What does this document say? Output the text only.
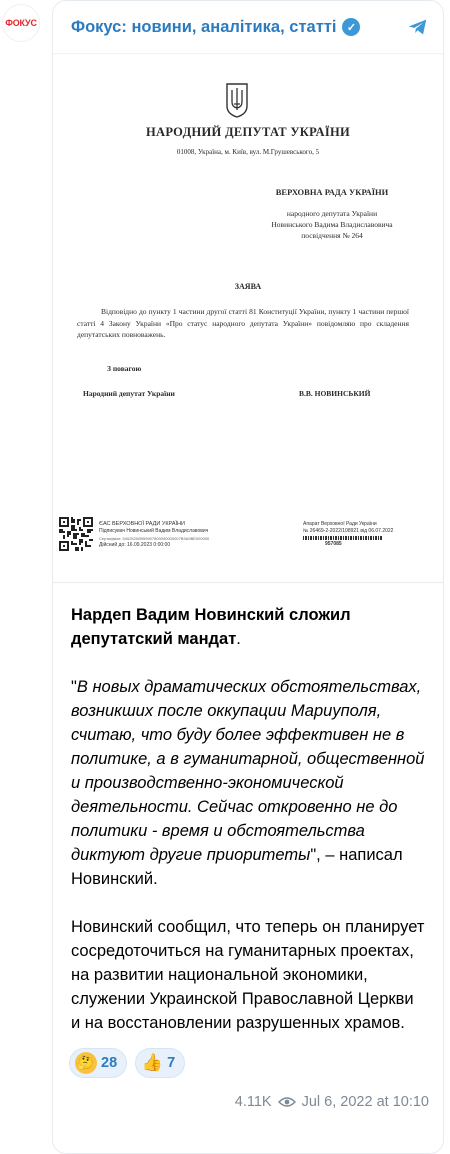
ФОКУС Фокус: новини, аналітика, статті ✓
НАРОДНИЙ ДЕПУТАТ УКРАЇНИ
01008, Україна, м. Київ, вул. М.Грушевського, 5
ВЕРХОВНА РАДА УКРАЇНИ
народного депутата України
Новинського Вадима Владиславовича
посвідчення № 264
ЗАЯВА
Відповідно до пункту 1 частини другої статті 81 Конституції України, пункту 1 частини першої статті 4 Закону України «Про статус народного депутата України» повідомляю про складення депутатських повноважень.
З повагою
Народний депутат України	В.В. НОВИНСЬКИЙ
ЄАС ВЕРХОВНОЇ РАДИ УКРАЇНИ
Підписувач Новинський Вадим Владиславович
Сертифікат: 54025200B59907800040000007B9A9BE000000
Дійсний до: 16.09.2023 0:00:00
Апарат Верховної Ради України
№ 26469-2-2022/108921 від 06.07.2022
957085
Нардеп Вадим Новинский сложил депутатский мандат.
"В новых драматических обстоятельствах, возникших после оккупации Мариуполя, считаю, что буду более эффективен не в политике, а в гуманитарной, общественной и производственно-экономической деятельности. Сейчас откровенно не до политики - время и обстоятельства диктуют другие приоритеты", – написал Новинский.
Новинский сообщил, что теперь он планирует сосредоточиться на гуманитарных проектах, на развитии национальной экономики, служении Украинской Православной Церкви и на восстановлении разрушенных храмов.
🤔 28 👍 7
4.11K Jul 6, 2022 at 10:10
